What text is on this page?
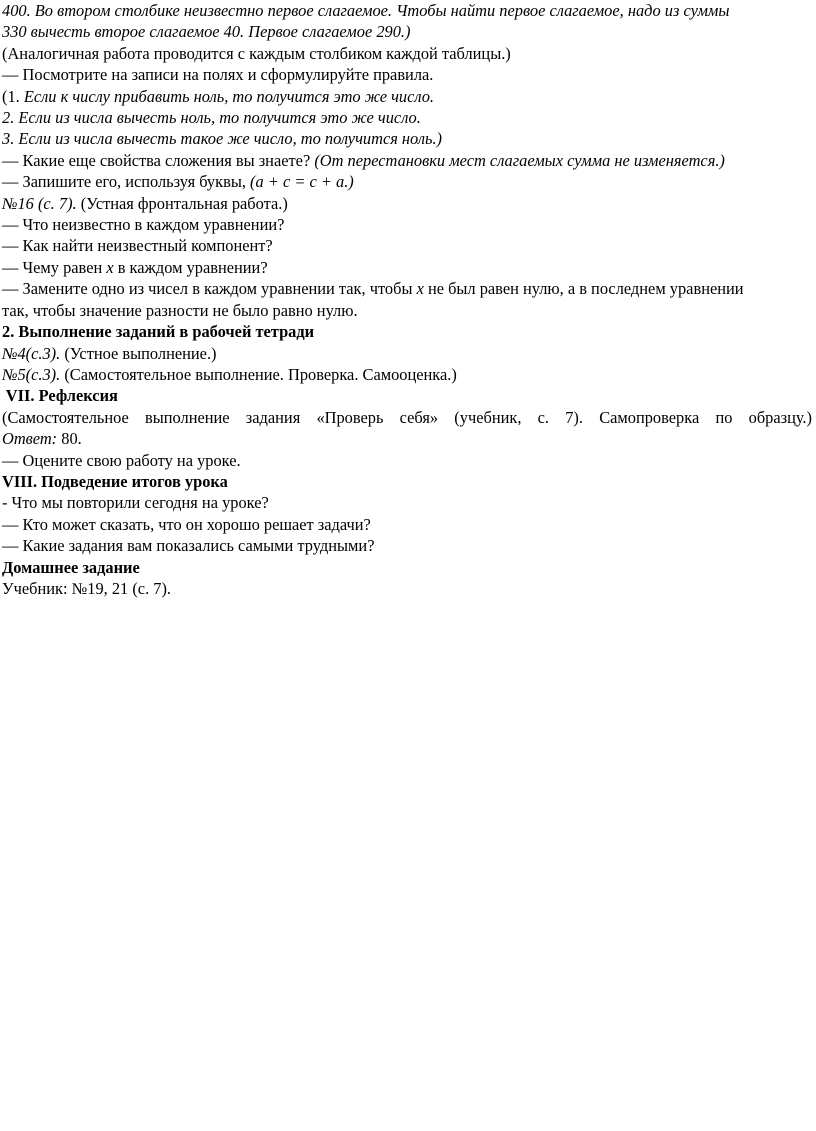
400. Во втором столбике неизвестно первое слагаемое. Чтобы найти первое слагаемое, надо из суммы
330 вычесть второе слагаемое 40. Первое слагаемое 290.)
(Аналогичная работа проводится с каждым столбиком каждой таблицы.)
— Посмотрите на записи на полях и сформулируйте правила.
(1. Если к числу прибавить ноль, то получится это же число.
2. Если из числа вычесть ноль, то получится это же число.
3. Если из числа вычесть такое же число, то получится ноль.)
— Какие еще свойства сложения вы знаете? (От перестановки мест слагаемых сумма не изменяется.)
— Запишите его, используя буквы, (а + с = с + а.)
№16 (с. 7). (Устная фронтальная работа.)
— Что неизвестно в каждом уравнении?
— Как найти неизвестный компонент?
— Чему равен х в каждом уравнении?
— Замените одно из чисел в каждом уравнении так, чтобы х не был равен нулю, а в последнем уравнении
так, чтобы значение разности не было равно нулю.
2. Выполнение заданий в рабочей тетради
№4(с.3). (Устное выполнение.)
№5(с.3). (Самостоятельное выполнение. Проверка. Самооценка.)
VII. Рефлексия
(Самостоятельное выполнение задания «Проверь себя» (учебник, с. 7). Самопроверка по образцу.)
Ответ: 80.
— Оцените свою работу на уроке.
VIII. Подведение итогов урока
- Что мы повторили сегодня на уроке?
— Кто может сказать, что он хорошо решает задачи?
— Какие задания вам показались самыми трудными?
Домашнее задание
Учебник: №19, 21 (с. 7).
